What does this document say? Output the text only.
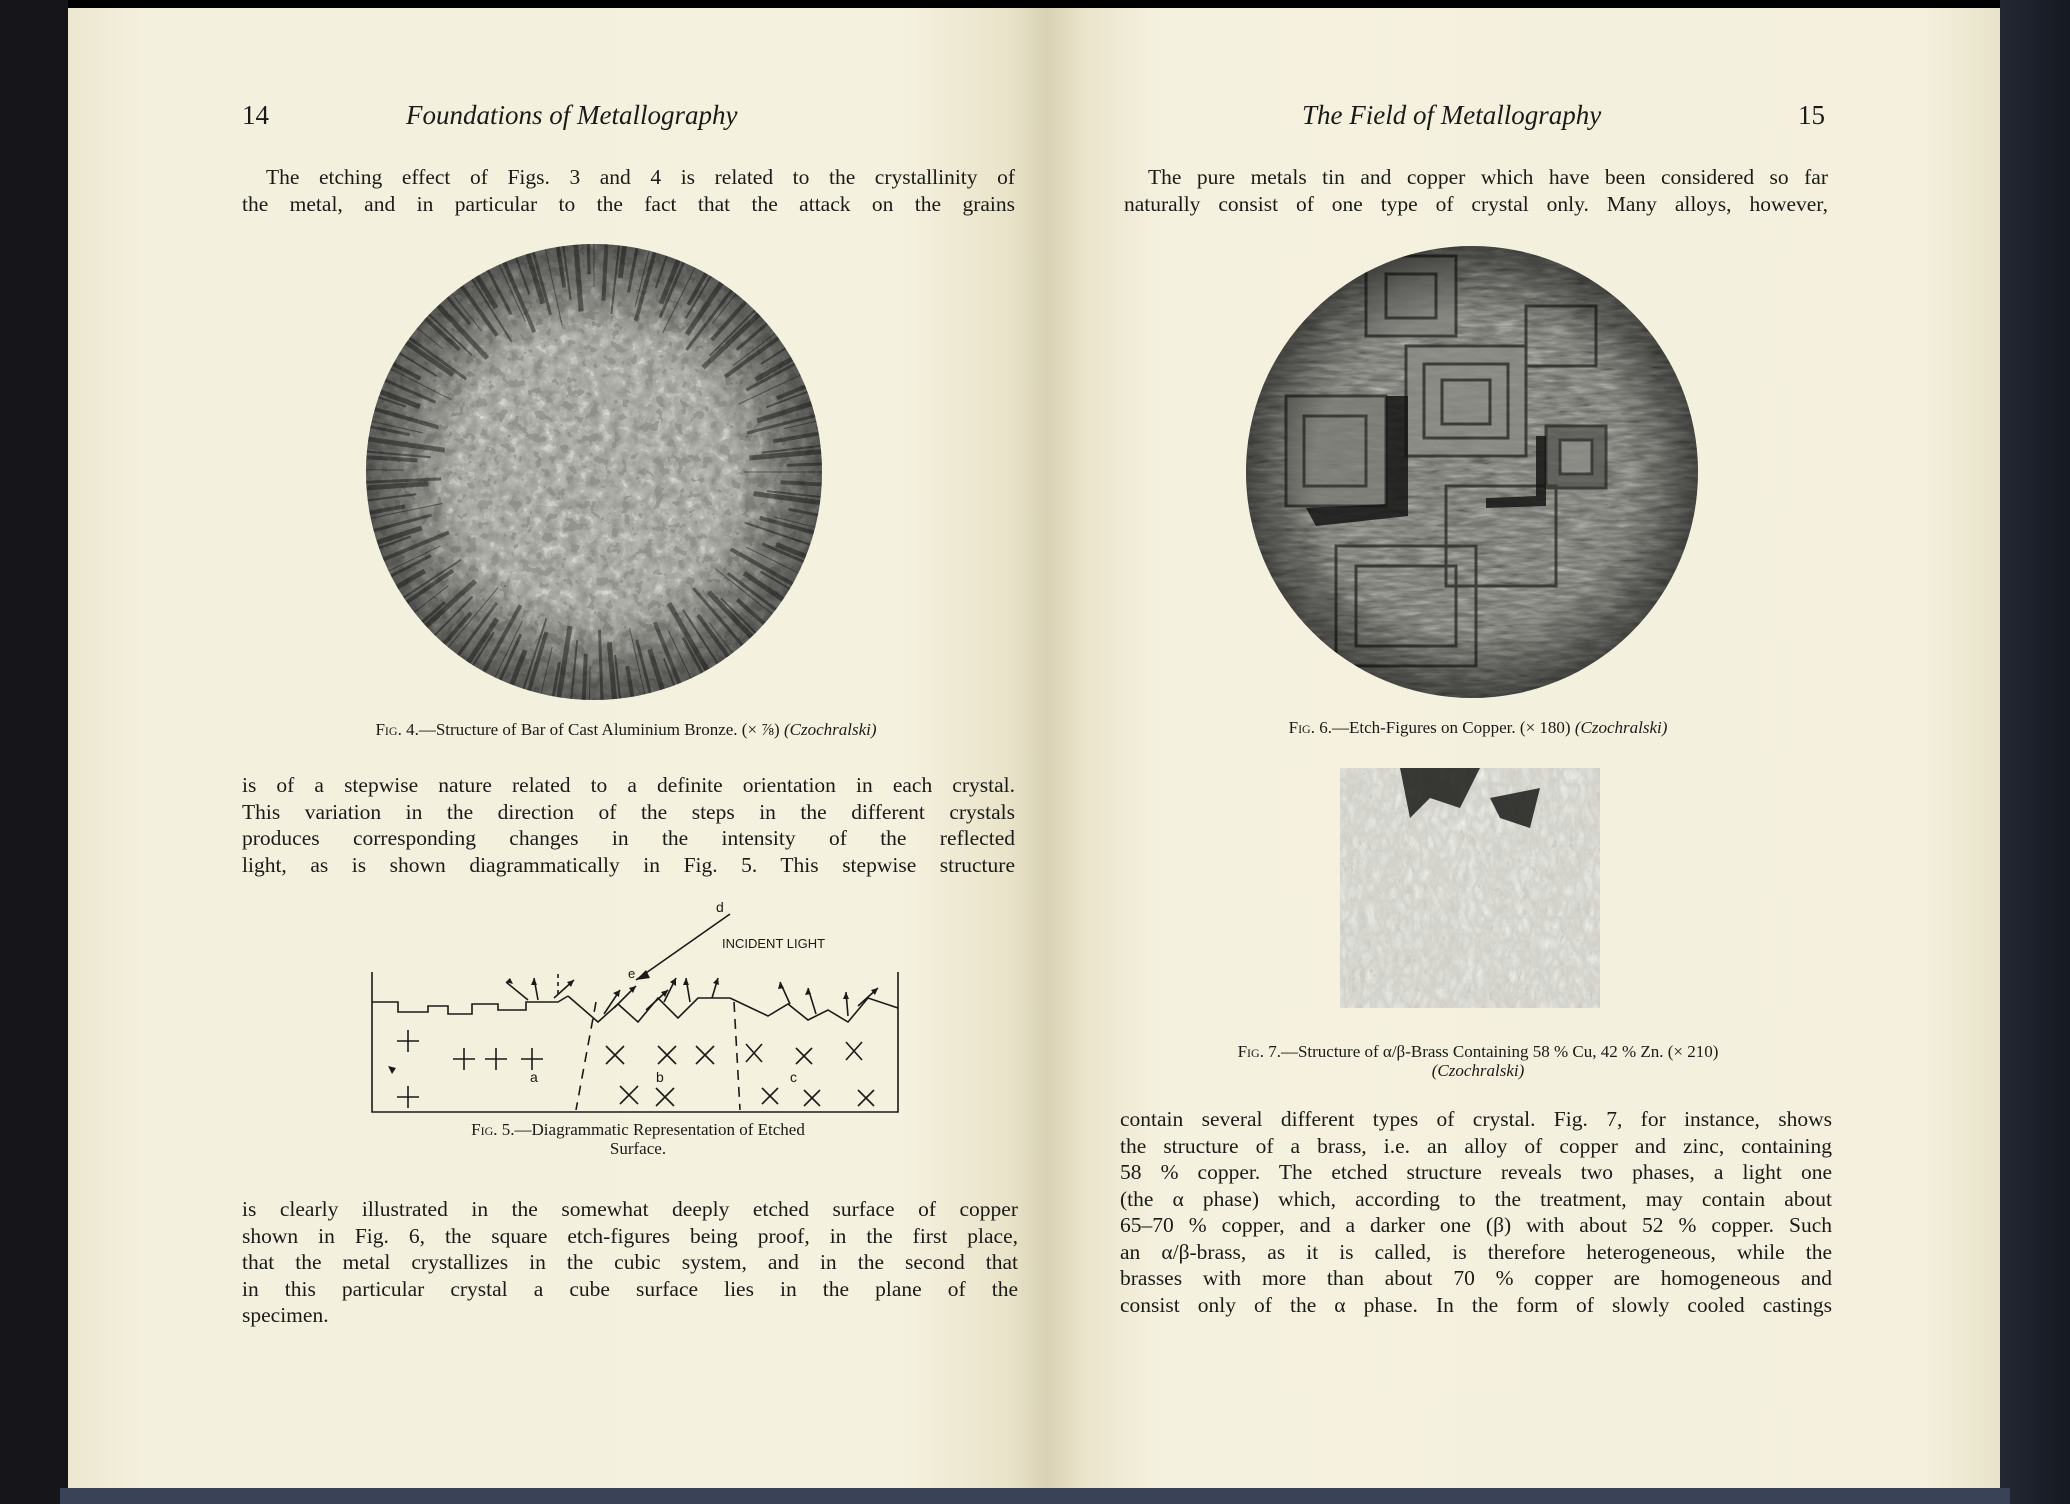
14	Foundations of Metallography
The etching effect of Figs. 3 and 4 is related to the crystallinity of
the metal, and in particular to the fact that the attack on the grains
Fig. 4.—Structure of Bar of Cast Aluminium Bronze. (× ⅞) (Czochralski)
is of a stepwise nature related to a definite orientation in each crystal.
This variation in the direction of the steps in the different crystals
produces corresponding changes in the intensity of the reflected
light, as is shown diagrammatically in Fig. 5. This stepwise structure
d
INCIDENT LIGHT
e
a	b	c
Fig. 5.—Diagrammatic Representation of Etched
Surface.
is clearly illustrated in the somewhat deeply etched surface of copper
shown in Fig. 6, the square etch-figures being proof, in the first place,
that the metal crystallizes in the cubic system, and in the second that
in this particular crystal a cube surface lies in the plane of the
specimen.
The Field of Metallography	15
The pure metals tin and copper which have been considered so far
naturally consist of one type of crystal only. Many alloys, however,
Fig. 6.—Etch-Figures on Copper. (× 180) (Czochralski)
Fig. 7.—Structure of α/β-Brass Containing 58 % Cu, 42 % Zn. (× 210)
(Czochralski)
contain several different types of crystal. Fig. 7, for instance, shows
the structure of a brass, i.e. an alloy of copper and zinc, containing
58 % copper. The etched structure reveals two phases, a light one
(the α phase) which, according to the treatment, may contain about
65–70 % copper, and a darker one (β) with about 52 % copper. Such
an α/β-brass, as it is called, is therefore heterogeneous, while the
brasses with more than about 70 % copper are homogeneous and
consist only of the α phase. In the form of slowly cooled castings
